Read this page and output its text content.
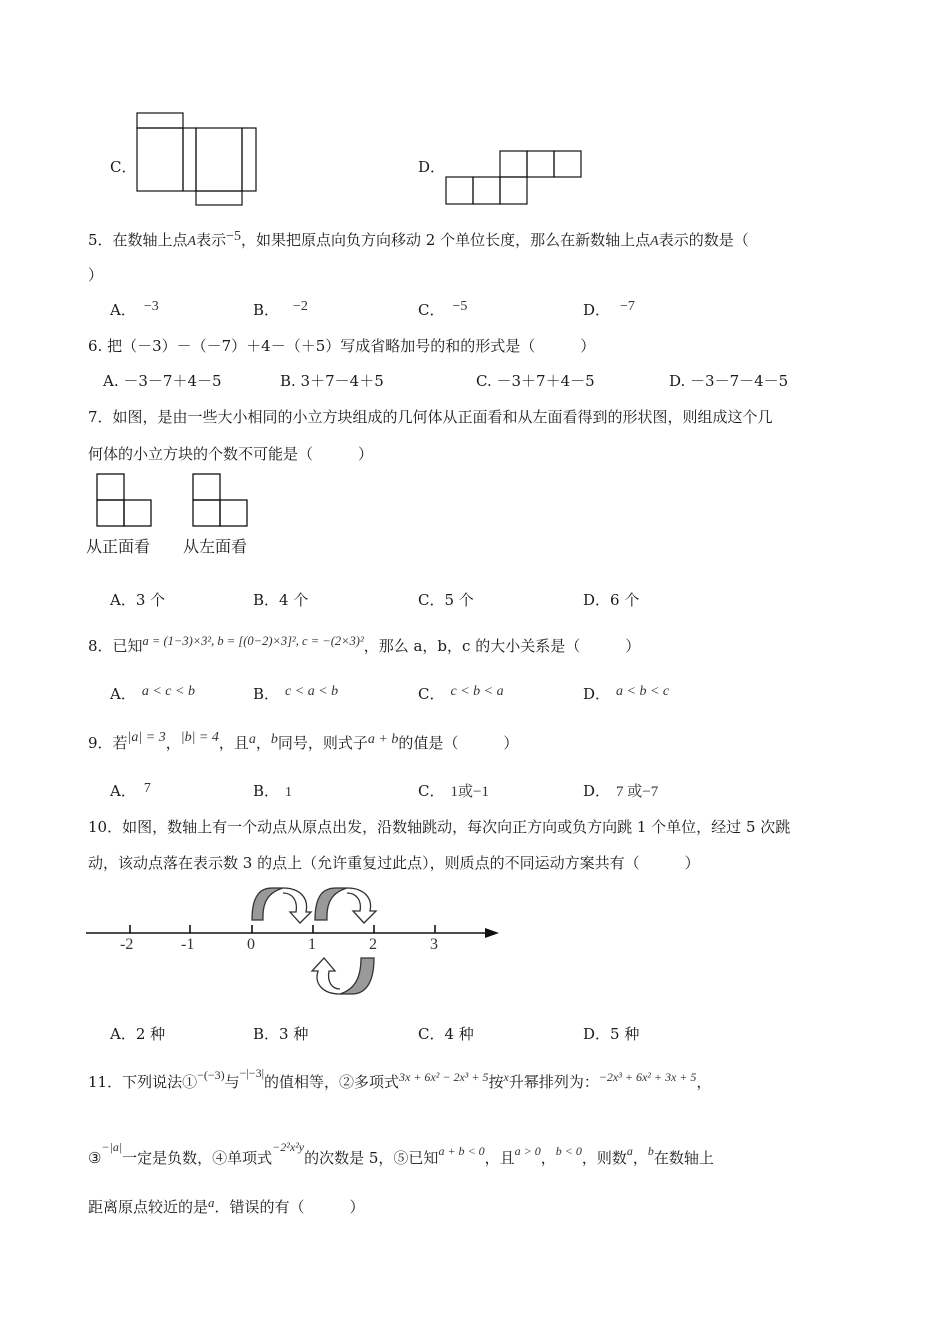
C．	D．
5．在数轴上点A表示−5，如果把原点向负方向移动 2 个单位长度，那么在新数轴上点A表示的数是（
）
A． −3	B． −2	C． −5	D． −7
6. 把（－3）－（－7）＋4－（＋5）写成省略加号的和的形式是（　　　）
A. －3－7＋4－5	B. 3＋7－4＋5	C. －3＋7＋4－5	D. －3－7－4－5
7．如图，是由一些大小相同的小立方块组成的几何体从正面看和从左面看得到的形状图，则组成这个几
何体的小立方块的个数不可能是（　　　）
从正面看 从左面看
A．3 个	B．4 个	C．5 个	D．6 个
8．已知$^{a = (1-3)\times 3^2, b = [(0-2)\times 3]^2, c = -(2\times 3)^2}$，那么 a，b，c 的大小关系是（　　　）
A． a < c < b	B． c < a < b	C． c < b < a	D． a < b < c
9．若|a| = 3，|b| = 4，且a，b同号，则式子a + b的值是（　　　）
A． 7	B． 1	C． 1或−1	D． 7 或−7
10．如图，数轴上有一个动点从原点出发，沿数轴跳动，每次向正方向或负方向跳 1 个单位，经过 5 次跳
动，该动点落在表示数 3 的点上（允许重复过此点），则质点的不同运动方案共有（　　　）
-2	-1	0	1	2	3
A．2 种	B．3 种	C．4 种	D．5 种
11．下列说法①$^{-(-3)}$与$^{-|-3|}$的值相等，②多项式$^{3x + 6x^2 - 2x^3 + 5}$按$^x$升幂排列为：$^{-2x^3 + 6x^2 + 3x + 5}$，
③$^{-|a|}$一定是负数，④单项式$^{-2^2x^2y}$的次数是 5，⑤已知$^{a + b < 0}$，且$^{a > 0}$，$^{b < 0}$，则数$^a$，$^b$在数轴上
距离原点较近的是a．错误的有（　　　）
